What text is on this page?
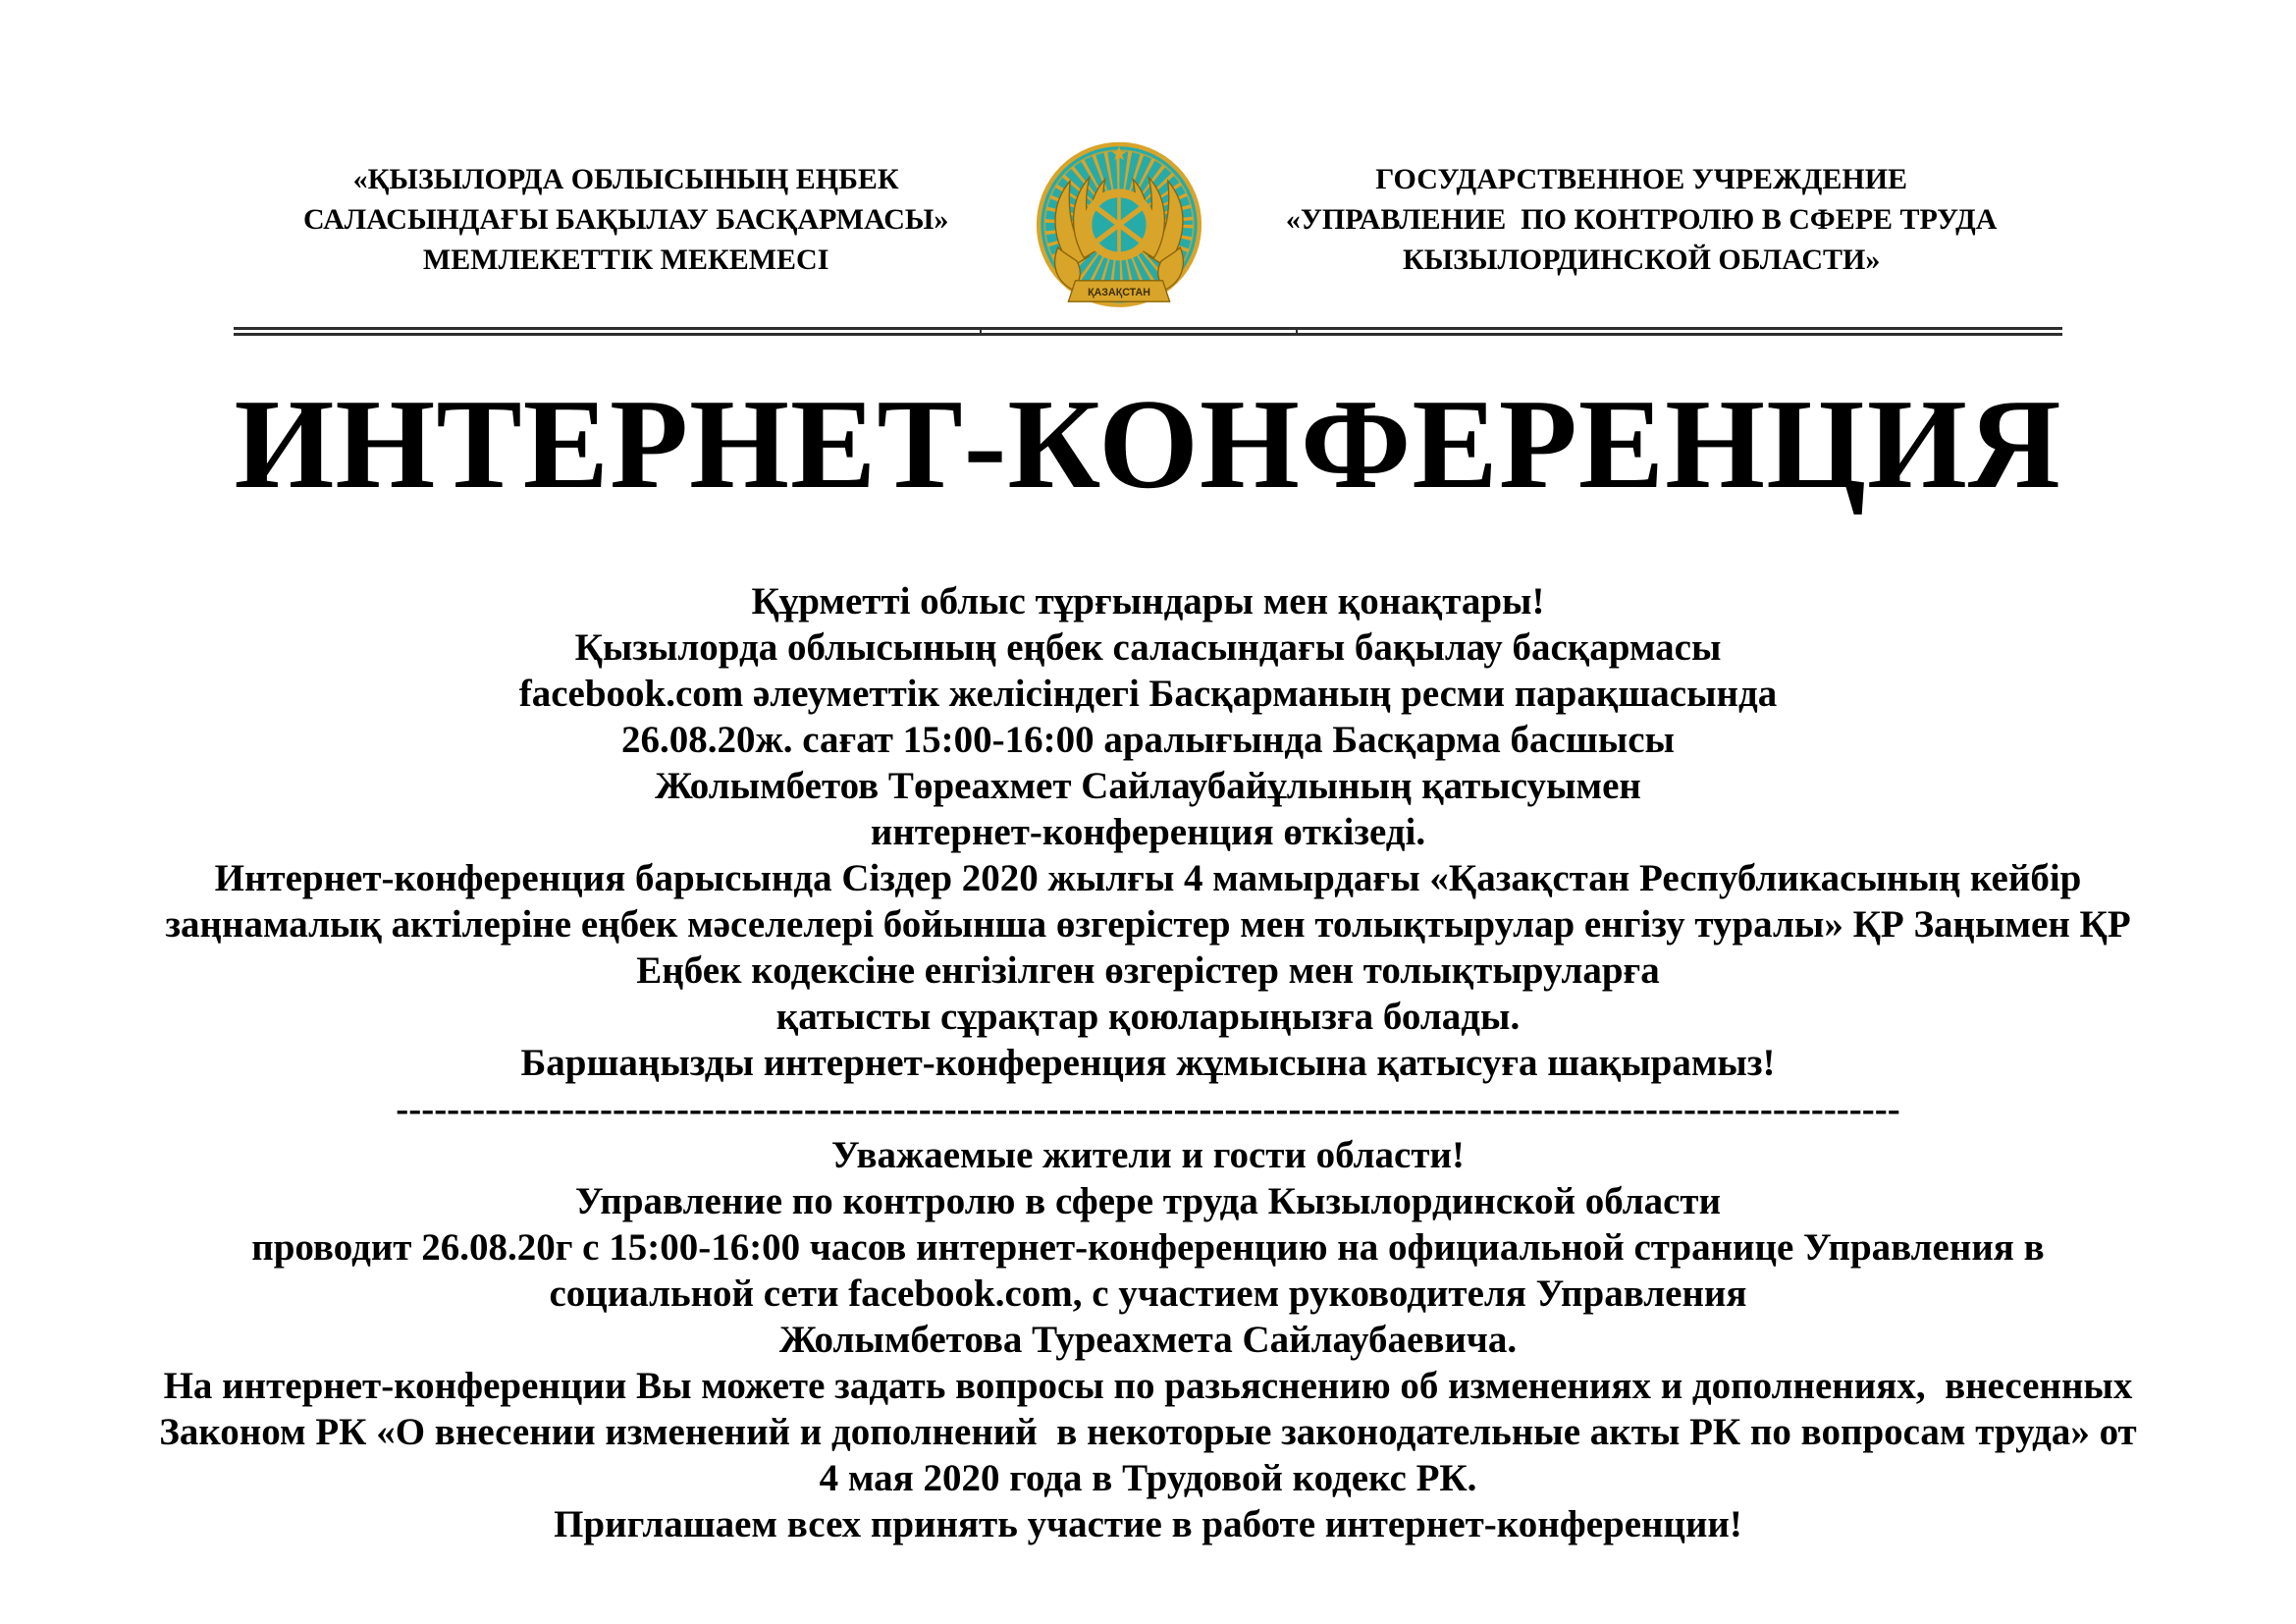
«ҚЫЗЫЛОРДА ОБЛЫСЫНЫҢ ЕҢБЕК
САЛАСЫНДАҒЫ БАҚЫЛАУ БАСҚАРМАСЫ»
МЕМЛЕКЕТТІК МЕКЕМЕСІ
ҚАЗАҚСТАН
ГОСУДАРСТВЕННОЕ УЧРЕЖДЕНИЕ
«УПРАВЛЕНИЕ  ПО КОНТРОЛЮ В СФЕРЕ ТРУДА
КЫЗЫЛОРДИНСКОЙ ОБЛАСТИ»
ИНТЕРНЕТ-КОНФЕРЕНЦИЯ
Құрметті облыс тұрғындары мен қонақтары!
Қызылорда облысының еңбек саласындағы бақылау басқармасы
facebook.com әлеуметтік желісіндегі Басқарманың ресми парақшасында
26.08.20ж. сағат 15:00-16:00 аралығында Басқарма басшысы
Жолымбетов Төреахмет Сайлаубайұлының қатысуымен
интернет-конференция өткізеді.
Интернет-конференция барысында Сіздер 2020 жылғы 4 мамырдағы «Қазақстан Республикасының кейбір
заңнамалық актілеріне еңбек мәселелері бойынша өзгерістер мен толықтырулар енгізу туралы» ҚР Заңымен ҚР
Еңбек кодексіне енгізілген өзгерістер мен толықтыруларға
қатысты сұрақтар қоюларыңызға болады.
Баршаңызды интернет-конференция жұмысына қатысуға шақырамыз!
----------------------------------------------------------------------------------------------------------------------
Уважаемые жители и гости области!
Управление по контролю в сфере труда Кызылординской области
проводит 26.08.20г с 15:00-16:00 часов интернет-конференцию на официальной странице Управления в
социальной сети facebook.com, с участием руководителя Управления
Жолымбетова Туреахмета Сайлаубаевича.
На интернет-конференции Вы можете задать вопросы по разьяснению об изменениях и дополнениях,  внесенных
Законом РК «О внесении изменений и дополнений  в некоторые законодательные акты РК по вопросам труда» от
4 мая 2020 года в Трудовой кодекс РК.
Приглашаем всех принять участие в работе интернет-конференции!
